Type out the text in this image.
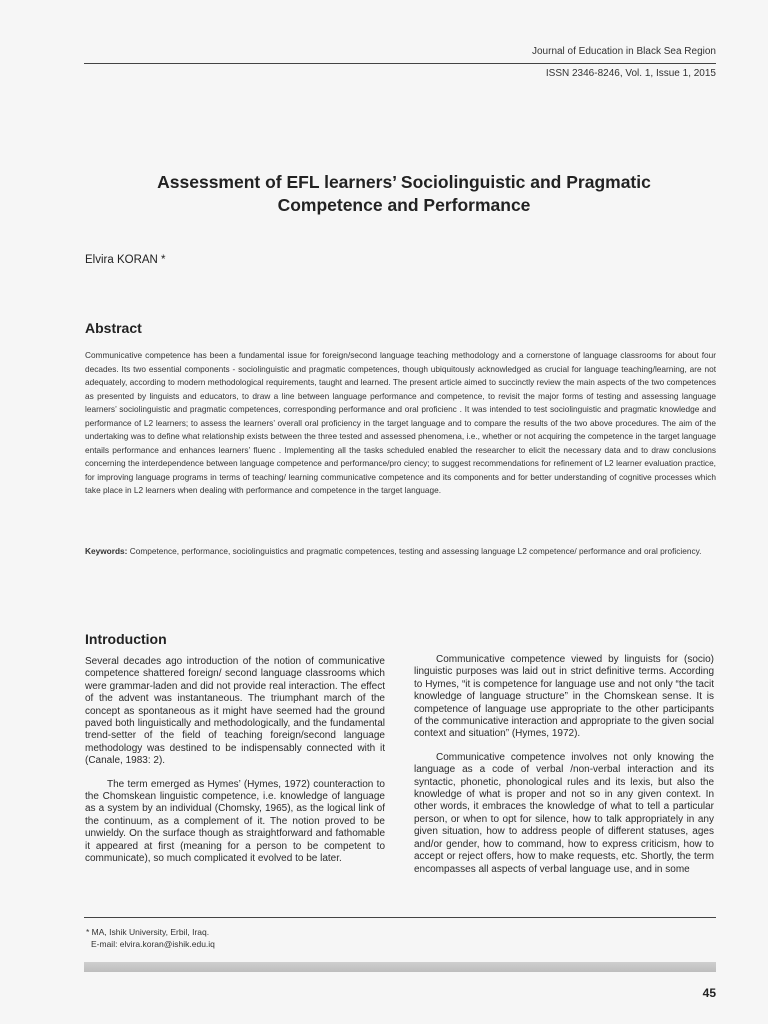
Journal of Education in Black Sea Region
ISSN 2346-8246, Vol. 1, Issue 1, 2015
Assessment of EFL learners’ Sociolinguistic and Pragmatic
Competence and Performance
Elvira KORAN *
Abstract

Communicative competence has been a fundamental issue for foreign/second language teaching methodology and a cornerstone of language classrooms for about four decades. Its two essential components - sociolinguistic and pragmatic competences, though ubiquitously acknowledged as crucial for language teaching/learning, are not adequately, according to modern methodological requirements, taught and learned. The present article aimed to succinctly review the main aspects of the two competences as presented by linguists and educators, to draw a line between language performance and competence, to revisit the major forms of testing and assessing language learners’ sociolinguistic and pragmatic competences, corresponding performance and oral proficienc . It was intended to test sociolinguistic and pragmatic knowledge and performance of L2 learners; to assess the learners’ overall oral proficiency in the target language and to compare the results of the two above procedures. The aim of the undertaking was to define what relationship exists between the three tested and assessed phenomena, i.e., whether or not acquiring the competence in the target language entails performance and enhances learners’ fluenc . Implementing all the tasks scheduled enabled the researcher to elicit the necessary data and to draw conclusions concerning the interdependence between language competence and performance/pro ciency; to suggest recommendations for refinement of L2 learner evaluation practice, for improving language programs in terms of teaching/ learning communicative competence and its components and for better understanding of cognitive processes which take place in L2 learners when dealing with performance and competence in the target language.

Keywords: Competence, performance, sociolinguistics and pragmatic competences, testing and assessing language L2 competence/ performance and oral proficiency.

Introduction

Several decades ago introduction of the notion of communicative competence shattered foreign/ second language classrooms which were grammar-laden and did not provide real interaction. The effect of the advent was instantaneous. The triumphant march of the concept as spontaneous as it might have seemed had the ground paved both linguistically and methodologically, and the fundamental trend-setter of the field of teaching foreign/second language methodology was destined to be indispensably connected with it (Canale, 1983: 2).

The term emerged as Hymes’ (Hymes, 1972) counteraction to the Chomskean linguistic competence, i.e. knowledge of language as a system by an individual (Chomsky, 1965), as the logical link of the continuum, as a complement of it. The notion proved to be unwieldy. On the surface though as straightforward and fathomable it appeared at first (meaning for a person to be competent to communicate), so much complicated it evolved to be later.

Communicative competence viewed by linguists for (socio) linguistic purposes was laid out in strict definitive terms. According to Hymes, “it is competence for language use and not only “the tacit knowledge of language structure” in the Chomskean sense. It is competence of language use appropriate to the other participants of the communicative interaction and appropriate to the given social context and situation” (Hymes, 1972).

Communicative competence involves not only knowing the language as a code of verbal /non-verbal interaction and its syntactic, phonetic, phonological rules and its lexis, but also the knowledge of what is proper and not so in any given context. In other words, it embraces the knowledge of what to tell a particular person, or when to opt for silence, how to talk appropriately in any given situation, how to address people of different statuses, ages and/or gender, how to command, how to express criticism, how to accept or reject offers, how to make requests, etc. Shortly, the term encompasses all aspects of verbal language use, and in some

* MA, Ishik University, Erbil, Iraq.
E-mail: elvira.koran@ishik.edu.iq
45
